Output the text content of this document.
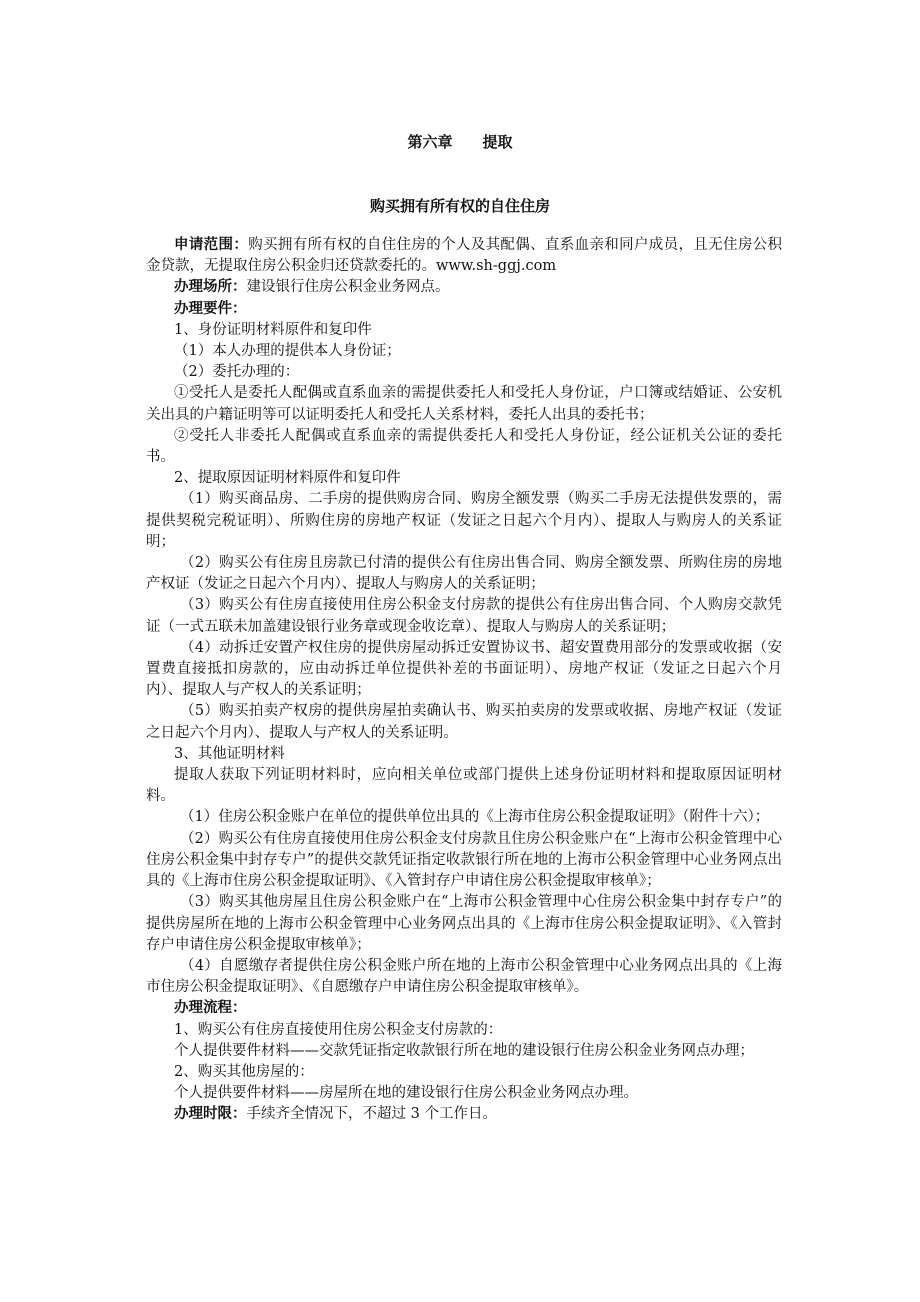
第六章 提取
购买拥有所有权的自住住房

申请范围：购买拥有所有权的自住住房的个人及其配偶、直系血亲和同户成员，且无住房公积金贷款，无提取住房公积金归还贷款委托的。www.sh-ggj.com

办理场所：建设银行住房公积金业务网点。

办理要件：

1、身份证明材料原件和复印件

（1）本人办理的提供本人身份证；

（2）委托办理的：

①受托人是委托人配偶或直系血亲的需提供委托人和受托人身份证，户口簿或结婚证、公安机关出具的户籍证明等可以证明委托人和受托人关系材料，委托人出具的委托书；

②受托人非委托人配偶或直系血亲的需提供委托人和受托人身份证，经公证机关公证的委托书。

2、提取原因证明材料原件和复印件

（1）购买商品房、二手房的提供购房合同、购房全额发票（购买二手房无法提供发票的，需提供契税完税证明）、所购住房的房地产权证（发证之日起六个月内）、提取人与购房人的关系证明；

（2）购买公有住房且房款已付清的提供公有住房出售合同、购房全额发票、所购住房的房地产权证（发证之日起六个月内）、提取人与购房人的关系证明；

（3）购买公有住房直接使用住房公积金支付房款的提供公有住房出售合同、个人购房交款凭证（一式五联未加盖建设银行业务章或现金收讫章）、提取人与购房人的关系证明；

（4）动拆迁安置产权住房的提供房屋动拆迁安置协议书、超安置费用部分的发票或收据（安置费直接抵扣房款的，应由动拆迁单位提供补差的书面证明）、房地产权证（发证之日起六个月内）、提取人与产权人的关系证明；

（5）购买拍卖产权房的提供房屋拍卖确认书、购买拍卖房的发票或收据、房地产权证（发证之日起六个月内）、提取人与产权人的关系证明。

3、其他证明材料

提取人获取下列证明材料时，应向相关单位或部门提供上述身份证明材料和提取原因证明材料。

（1）住房公积金账户在单位的提供单位出具的《上海市住房公积金提取证明》（附件十六）；

（2）购买公有住房直接使用住房公积金支付房款且住房公积金账户在“上海市公积金管理中心住房公积金集中封存专户”的提供交款凭证指定收款银行所在地的上海市公积金管理中心业务网点出具的《上海市住房公积金提取证明》、《入管封存户申请住房公积金提取审核单》；

（3）购买其他房屋且住房公积金账户在“上海市公积金管理中心住房公积金集中封存专户”的提供房屋所在地的上海市公积金管理中心业务网点出具的《上海市住房公积金提取证明》、《入管封存户申请住房公积金提取审核单》；

（4）自愿缴存者提供住房公积金账户所在地的上海市公积金管理中心业务网点出具的《上海市住房公积金提取证明》、《自愿缴存户申请住房公积金提取审核单》。

办理流程：

1、购买公有住房直接使用住房公积金支付房款的：

个人提供要件材料——交款凭证指定收款银行所在地的建设银行住房公积金业务网点办理；

2、购买其他房屋的：

个人提供要件材料——房屋所在地的建设银行住房公积金业务网点办理。

办理时限：手续齐全情况下，不超过 3 个工作日。
